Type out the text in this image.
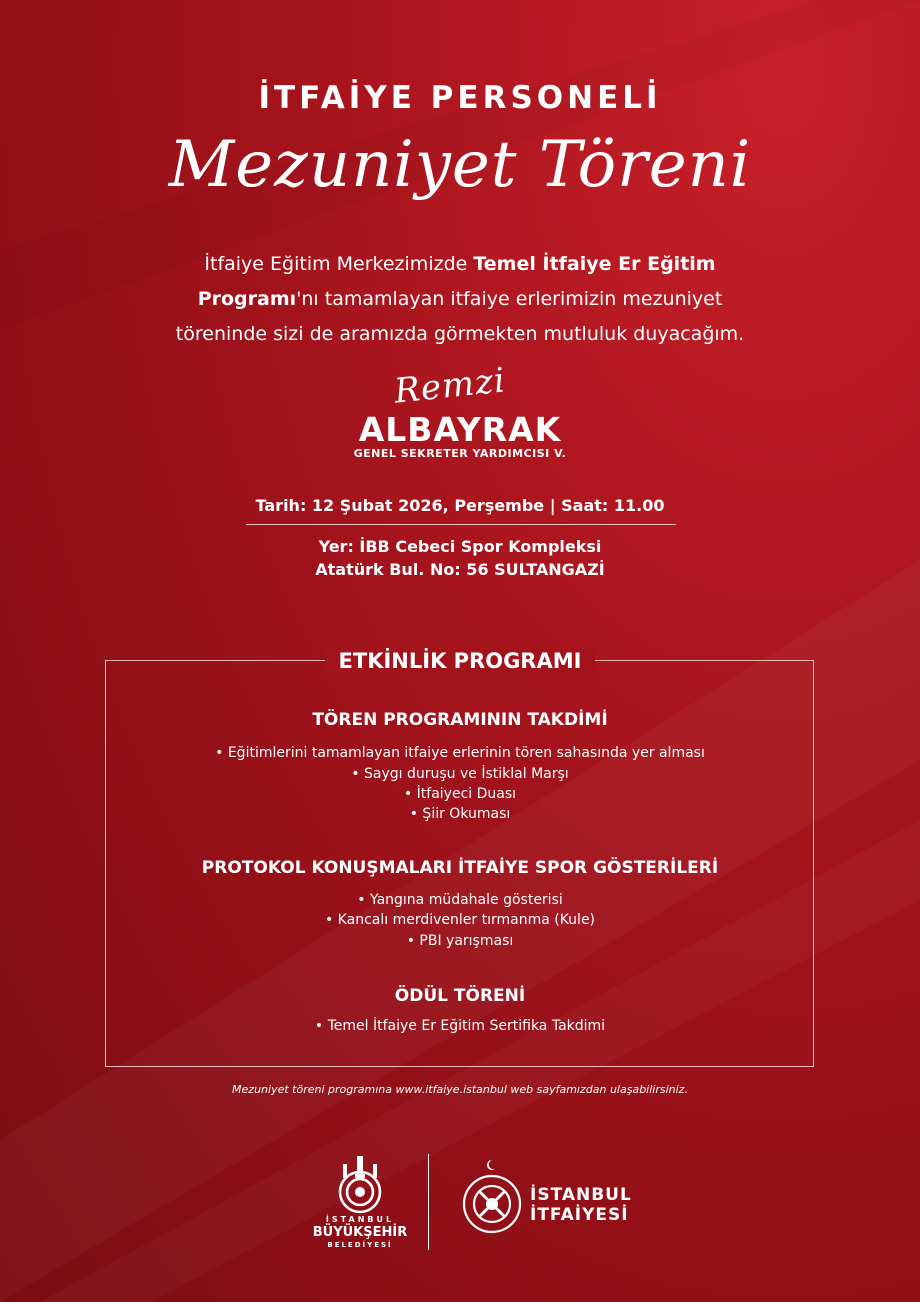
İTFAİYE PERSONELİ
Mezuniyet Töreni
İtfaiye Eğitim Merkezimizde Temel İtfaiye Er Eğitim
Programı'nı tamamlayan itfaiye erlerimizin mezuniyet
töreninde sizi de aramızda görmekten mutluluk duyacağım.
Remzi
ALBAYRAK
GENEL SEKRETER YARDIMCISI V.
Tarih: 12 Şubat 2026, Perşembe | Saat: 11.00
Yer: İBB Cebeci Spor Kompleksi
Atatürk Bul. No: 56 SULTANGAZİ
ETKİNLİK PROGRAMI
TÖREN PROGRAMININ TAKDİMİ
• Eğitimlerini tamamlayan itfaiye erlerinin tören sahasında yer alması
• Saygı duruşu ve İstiklal Marşı
• İtfaiyeci Duası
• Şiir Okuması
PROTOKOL KONUŞMALARI İTFAİYE SPOR GÖSTERİLERİ
• Yangına müdahale gösterisi
• Kancalı merdivenler tırmanma (Kule)
• PBI yarışması
ÖDÜL TÖRENİ
• Temel İtfaiye Er Eğitim Sertifika Takdimi
Mezuniyet töreni programına www.itfaiye.istanbul web sayfamızdan ulaşabilirsiniz.
İSTANBUL
BÜYÜKŞEHİR
BELEDİYESİ
İSTANBUL
İTFAİYESİ
